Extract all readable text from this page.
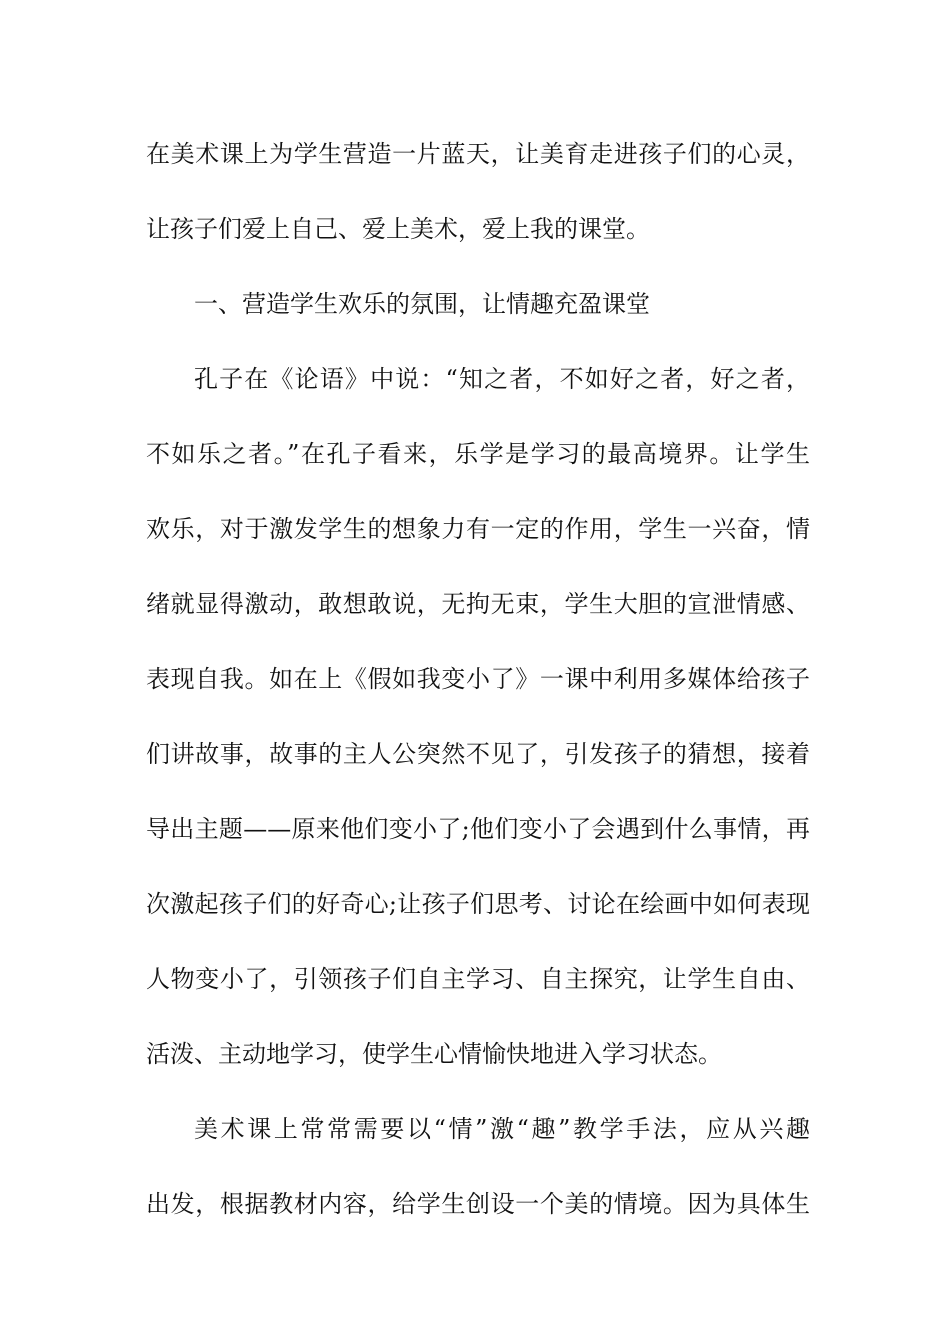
在美术课上为学生营造一片蓝天，让美育走进孩子们的心灵，
让孩子们爱上自己、爱上美术，爱上我的课堂。
一、营造学生欢乐的氛围，让情趣充盈课堂
孔子在《论语》中说：“知之者，不如好之者，好之者，
不如乐之者。”在孔子看来，乐学是学习的最高境界。让学生
欢乐，对于激发学生的想象力有一定的作用，学生一兴奋，情
绪就显得激动，敢想敢说，无拘无束，学生大胆的宣泄情感、
表现自我。如在上《假如我变小了》一课中利用多媒体给孩子
们讲故事，故事的主人公突然不见了，引发孩子的猜想，接着
导出主题——原来他们变小了;他们变小了会遇到什么事情，再
次激起孩子们的好奇心;让孩子们思考、讨论在绘画中如何表现
人物变小了，引领孩子们自主学习、自主探究，让学生自由、
活泼、主动地学习，使学生心情愉快地进入学习状态。
美术课上常常需要以“情”激“趣”教学手法，应从兴趣
出发，根据教材内容，给学生创设一个美的情境。因为具体生
